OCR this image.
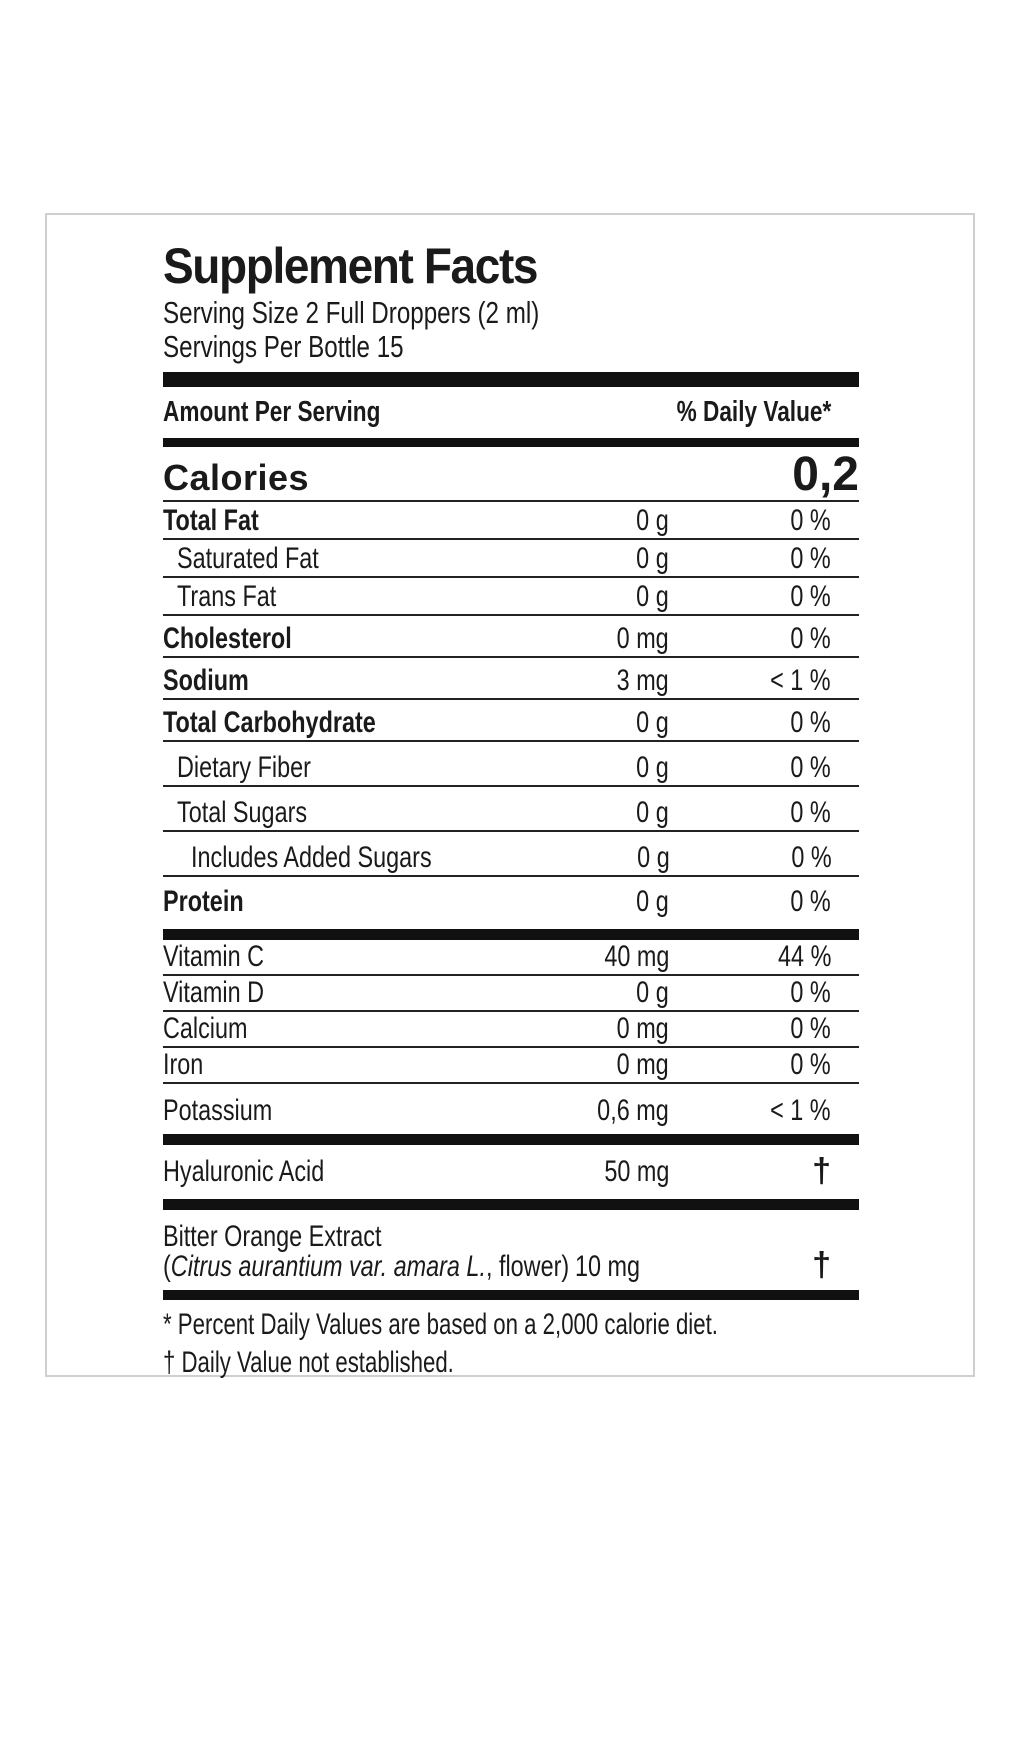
Supplement Facts
Serving Size 2 Full Droppers (2 ml)
Servings Per Bottle 15
Amount Per Serving	% Daily Value*
Calories	0,2
Total Fat	0 g	0 %
Saturated Fat	0 g	0 %
Trans Fat	0 g	0 %
Cholesterol	0 mg	0 %
Sodium	3 mg	< 1 %
Total Carbohydrate	0 g	0 %
Dietary Fiber	0 g	0 %
Total Sugars	0 g	0 %
Includes Added Sugars	0 g	0 %
Protein	0 g	0 %
Vitamin C	40 mg	44 %
Vitamin D	0 g	0 %
Calcium	0 mg	0 %
Iron	0 mg	0 %
Potassium	0,6 mg	< 1 %
Hyaluronic Acid	50 mg	†
Bitter Orange Extract
(Citrus aurantium var. amara L., flower) 10 mg	†
* Percent Daily Values are based on a 2,000 calorie diet.
† Daily Value not established.
